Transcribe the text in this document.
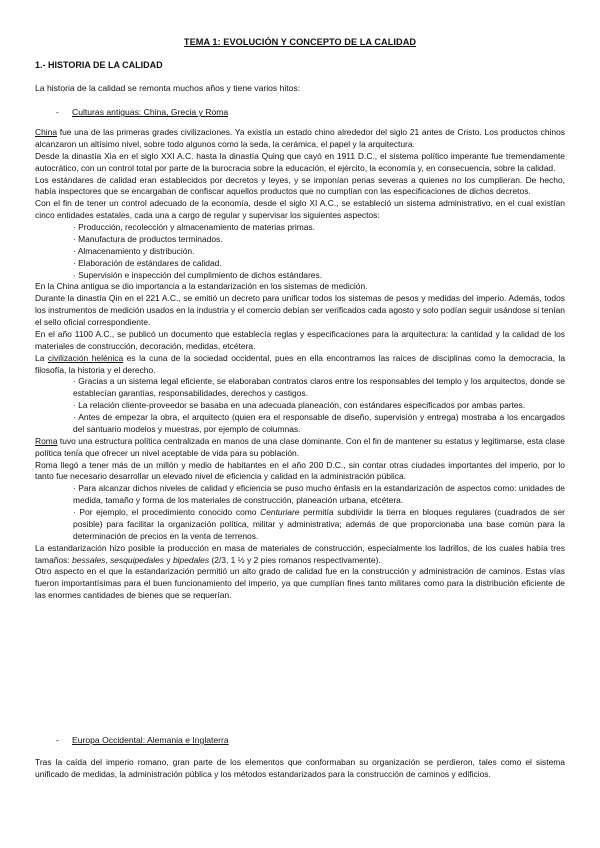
TEMA 1: EVOLUCIÓN Y CONCEPTO DE LA CALIDAD
1.- HISTORIA DE LA CALIDAD
La historia de la calidad se remonta muchos años y tiene varios hitos:
- Culturas antiguas: China, Grecia y Roma

China fue una de las primeras grades civilizaciones. Ya existía un estado chino alrededor del siglo 21 antes de Cristo. Los productos chinos alcanzaron un altísimo nivel, sobre todo algunos como la seda, la cerámica, el papel y la arquitectura.

Desde la dinastía Xia en el siglo XXI A.C. hasta la dinastía Quing que cayó en 1911 D.C., el sistema político imperante fue tremendamente autocrático, con un control total por parte de la burocracia sobre la educación, el ejército, la economía y, en consecuencia, sobre la calidad.

Los estándares de calidad eran establecidos por decretos y leyes, y se imponían penas severas a quienes no los cumplieran. De hecho, había inspectores que se encargaban de confiscar aquellos productos que no cumplían con las especificaciones de dichos decretos.

Con el fin de tener un control adecuado de la economía, desde el siglo XI A.C., se estableció un sistema administrativo, en el cual existían cinco entidades estatales, cada una a cargo de regular y supervisar los siguientes aspectos:

· Producción, recolección y almacenamiento de materias primas.

· Manufactura de productos terminados.

· Almacenamiento y distribución.

· Elaboración de estándares de calidad.

· Supervisión e inspección del cumplimiento de dichos estándares.

En la China antigua se dio importancia a la estandarización en los sistemas de medición.

Durante la dinastía Qin en el 221 A.C., se emitió un decreto para unificar todos los sistemas de pesos y medidas del imperio. Además, todos los instrumentos de medición usados en la industria y el comercio debían ser verificados cada agosto y solo podían seguir usándose si tenían el sello oficial correspondiente.

En el año 1100 A.C., se publicó un documento que establecía reglas y especificaciones para la arquitectura: la cantidad y la calidad de los materiales de construcción, decoración, medidas, etcétera.

La civilización helénica es la cuna de la sociedad occidental, pues en ella encontramos las raíces de disciplinas como la democracia, la filosofía, la historia y el derecho.

· Gracias a un sistema legal eficiente, se elaboraban contratos claros entre los responsables del templo y los arquitectos, donde se establecían garantías, responsabilidades, derechos y castigos.

· La relación cliente-proveedor se basaba en una adecuada planeación, con estándares especificados por ambas partes.

· Antes de empezar la obra, el arquitecto (quien era el responsable de diseño, supervisión y entrega) mostraba a los encargados del santuario modelos y muestras, por ejemplo de columnas.

Roma tuvo una estructura política centralizada en manos de una clase dominante. Con el fin de mantener su estatus y legitimarse, esta clase política tenía que ofrecer un nivel aceptable de vida para su población.

Roma llegó a tener más de un millón y medio de habitantes en el año 200 D.C., sin contar otras ciudades importantes del imperio, por lo tanto fue necesario desarrollar un elevado nivel de eficiencia y calidad en la administración pública.

· Para alcanzar dichos niveles de calidad y eficiencia se puso mucho énfasis en la estandarización de aspectos como: unidades de medida, tamaño y forma de los materiales de construcción, planeación urbana, etcétera.

· Por ejemplo, el procedimiento conocido como Centuriare permitía subdividir la tierra en bloques regulares (cuadrados de ser posible) para facilitar la organización política, militar y administrativa; además de que proporcionaba una base común para la determinación de precios en la venta de terrenos.

La estandarización hizo posible la producción en masa de materiales de construcción, especialmente los ladrillos, de los cuales había tres tamaños: bessales, sesquipedales y bipedales (2/3, 1 ½ y 2 pies romanos respectivamente).

Otro aspecto en el que la estandarización permitió un alto grado de calidad fue en la construcción y administración de caminos. Estas vías fueron importantísimas para el buen funcionamiento del imperio, ya que cumplían fines tanto militares como para la distribución eficiente de las enormes cantidades de bienes que se requerían.

- Europa Occidental: Alemania e Inglaterra

Tras la caída del imperio romano, gran parte de los elementos que conformaban su organización se perdieron, tales como el sistema unificado de medidas, la administración pública y los métodos estandarizados para la construcción de caminos y edificios.
